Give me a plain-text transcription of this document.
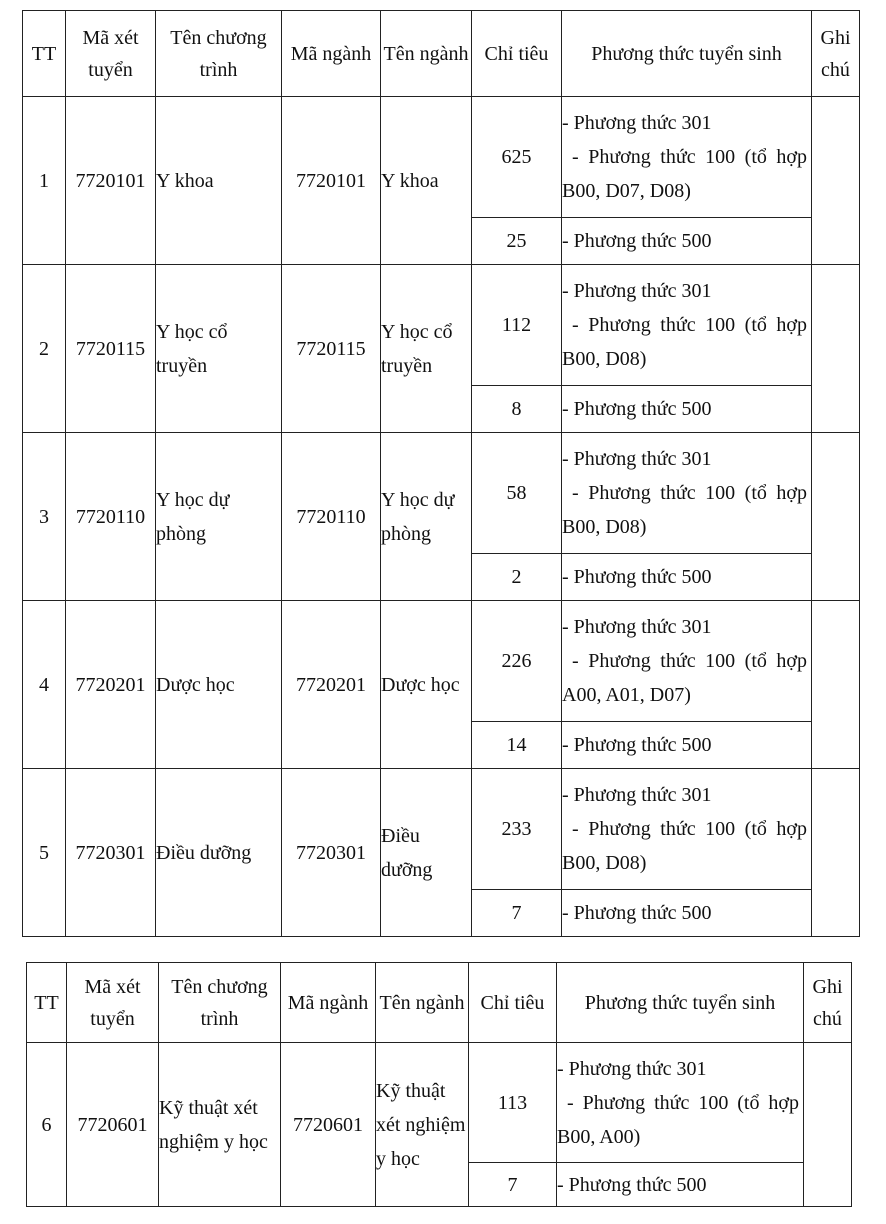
TT	Mã xét tuyển	Tên chương trình	Mã ngành	Tên ngành	Chỉ tiêu	Phương thức tuyển sinh	Ghi chú
1	7720101	Y khoa	7720101	Y khoa	625	- Phương thức 301
- Phương thức 100 (tổ hợp
B00, D07, D08)	

					25	- Phương thức 500	
2	7720115	Y học cổ truyền	7720115	Y học cổ truyền	112	- Phương thức 301
- Phương thức 100 (tổ hợp
B00, D08)	

					8	- Phương thức 500	
3	7720110	Y học dự phòng	7720110	Y học dự phòng	58	- Phương thức 301
- Phương thức 100 (tổ hợp
B00, D08)	

					2	- Phương thức 500	
4	7720201	Dược học	7720201	Dược học	226	- Phương thức 301
- Phương thức 100 (tổ hợp
A00, A01, D07)	

					14	- Phương thức 500	
5	7720301	Điều dưỡng	7720301	Điều dưỡng	233	- Phương thức 301
- Phương thức 100 (tổ hợp
B00, D08)	

					7	- Phương thức 500	
TT	Mã xét tuyển	Tên chương trình	Mã ngành	Tên ngành	Chỉ tiêu	Phương thức tuyển sinh	Ghi chú
6	7720601	Kỹ thuật xét nghiệm y học	7720601	Kỹ thuật xét nghiệm y học	113	- Phương thức 301
- Phương thức 100 (tổ hợp
B00, A00)	

					7	- Phương thức 500	
